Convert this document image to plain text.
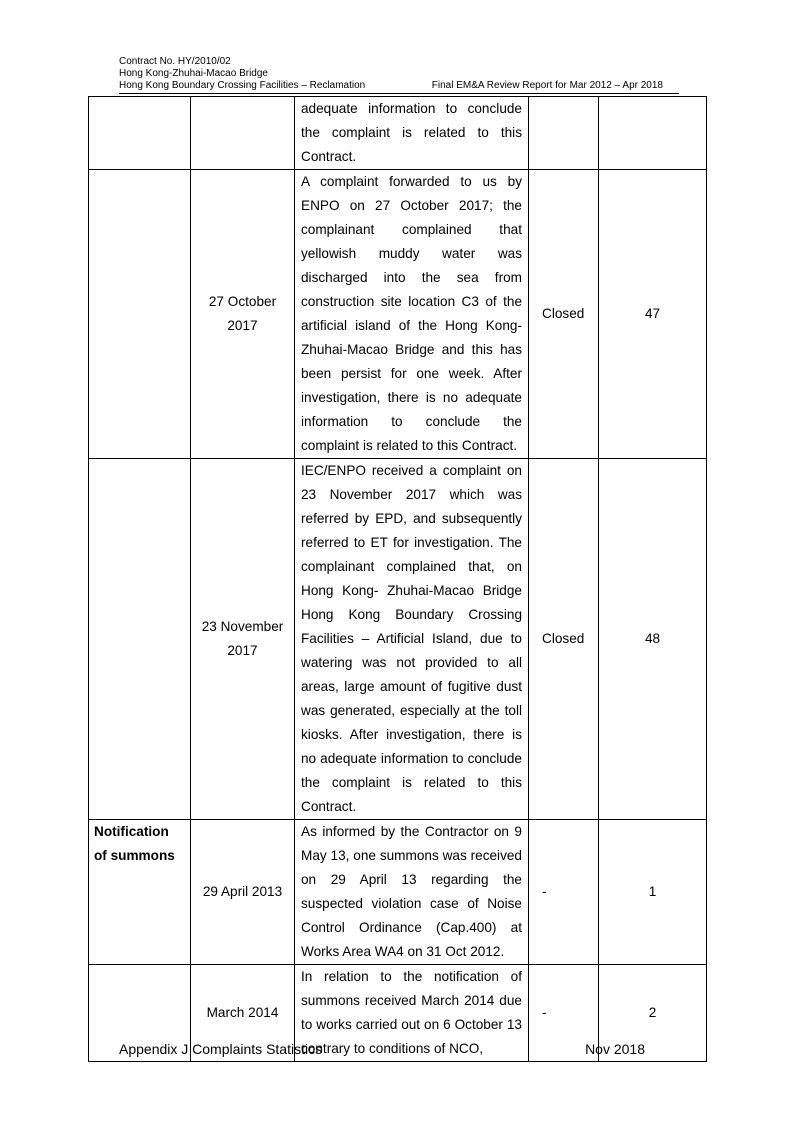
Contract No. HY/2010/02
Hong Kong-Zhuhai-Macao Bridge
Hong Kong Boundary Crossing Facilities – Reclamation	Final EM&A Review Report for Mar 2012 – Apr 2018
		adequate information to conclude the complaint is related to this Contract.		
	27 October 2017	A complaint forwarded to us by ENPO on 27 October 2017; the complainant complained that yellowish muddy water was discharged into the sea from construction site location C3 of the artificial island of the Hong Kong-Zhuhai-Macao Bridge and this has been persist for one week. After investigation, there is no adequate information to conclude the complaint is related to this Contract.	Closed	47
	23 November 2017	IEC/ENPO received a complaint on 23 November 2017 which was referred by EPD, and subsequently referred to ET for investigation. The complainant complained that, on Hong Kong- Zhuhai-Macao Bridge Hong Kong Boundary Crossing Facilities – Artificial Island, due to watering was not provided to all areas, large amount of fugitive dust was generated, especially at the toll kiosks. After investigation, there is no adequate information to conclude the complaint is related to this Contract.	Closed	48
Notification of summons	29 April 2013	As informed by the Contractor on 9 May 13, one summons was received on 29 April 13 regarding the suspected violation case of Noise Control Ordinance (Cap.400) at Works Area WA4 on 31 Oct 2012.	-	1
	March 2014	In relation to the notification of summons received March 2014 due to works carried out on 6 October 13 contrary to conditions of NCO,	-	2
Appendix J Complaints Statistics	Nov 2018
